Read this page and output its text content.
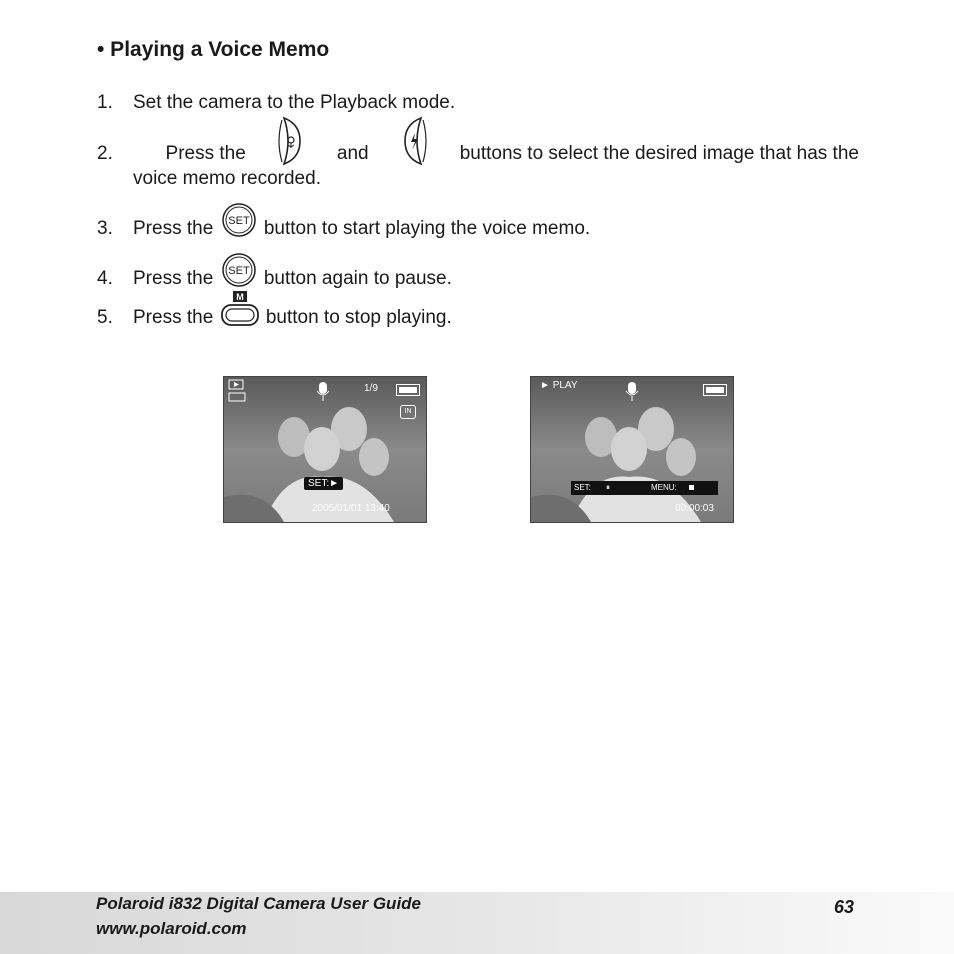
• Playing a Voice Memo
1. Set the camera to the Playback mode.
2.	Press the	and	buttons to select the desired image that has the
voice memo recorded.
3. Press the SET button to start playing the voice memo.
4. Press the SET button again to pause.
5. Press the
M
button to stop playing.
1/9
IN
SET:►
2005/01/01 13:40
► PLAY
SET: ⏸	MENU:
00:00:03
Polaroid i832 Digital Camera User Guide
www.polaroid.com
63
